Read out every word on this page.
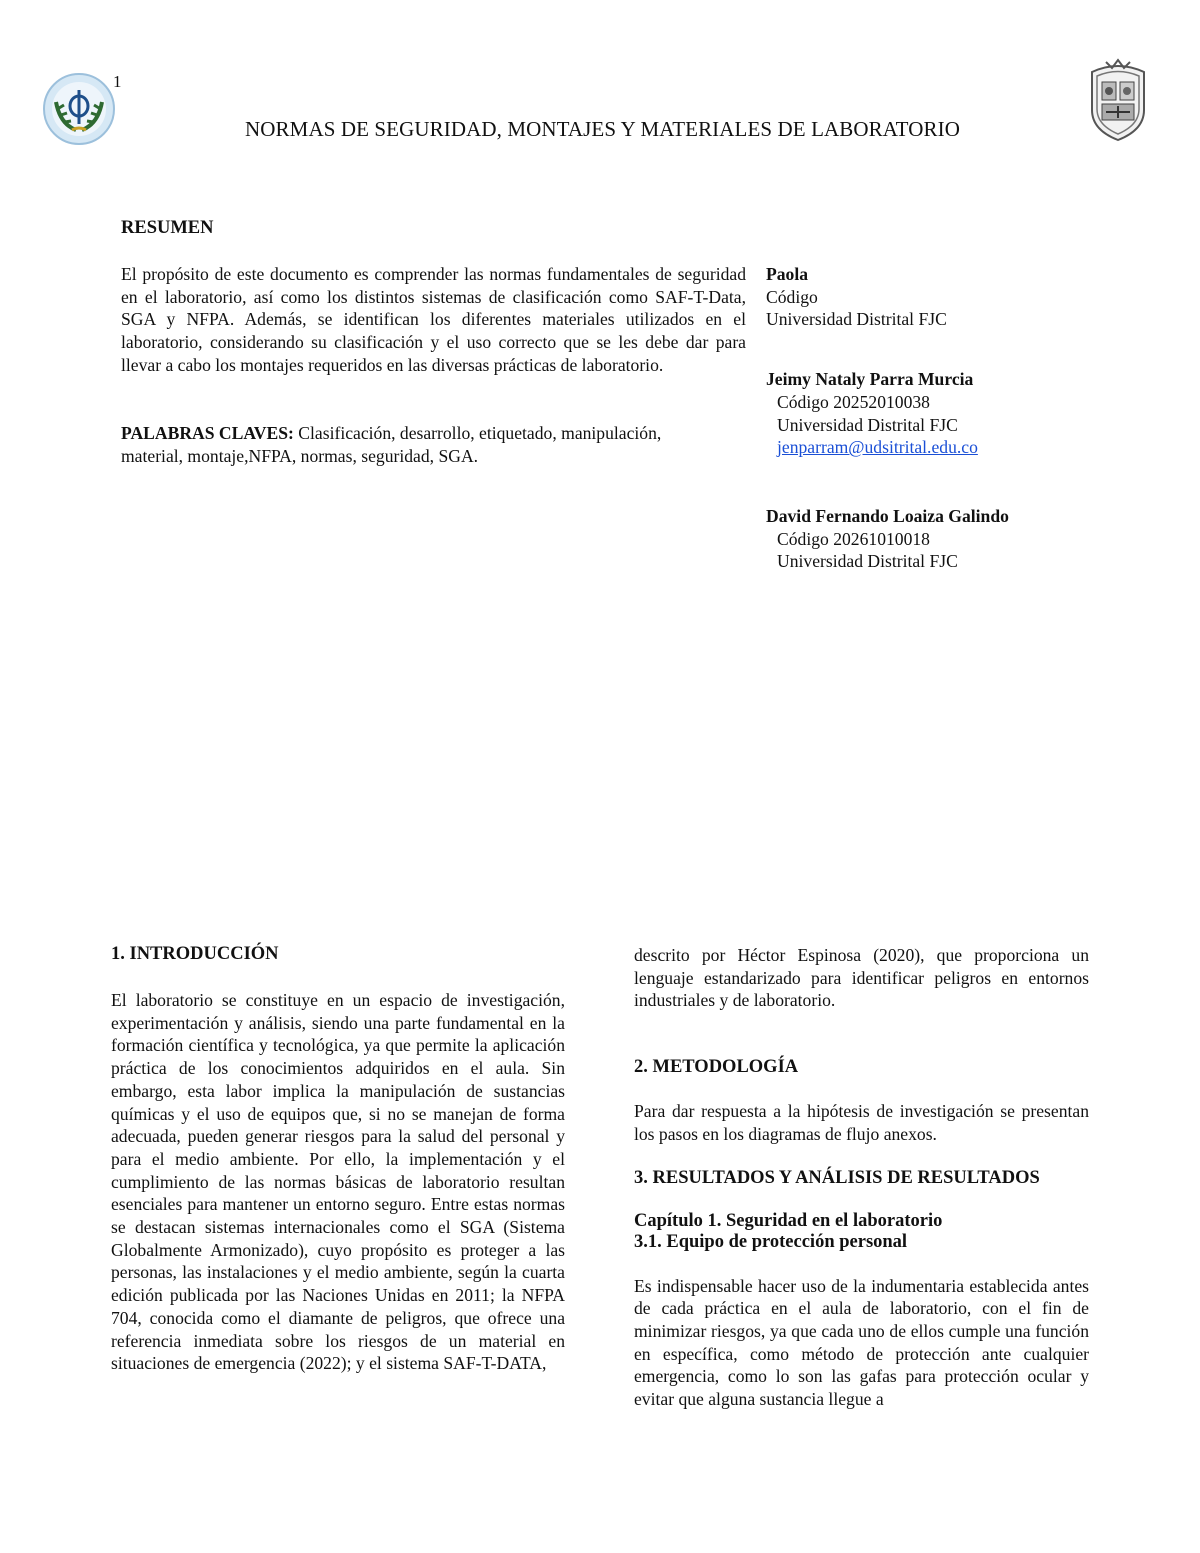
1
NORMAS DE SEGURIDAD, MONTAJES Y MATERIALES DE LABORATORIO
RESUMEN

El propósito de este documento es comprender las normas fundamentales de seguridad en el laboratorio, así como los distintos sistemas de clasificación como SAF-T-Data, SGA y NFPA. Además, se identifican los diferentes materiales utilizados en el laboratorio, considerando su clasificación y el uso correcto que se les debe dar para llevar a cabo los montajes requeridos en las diversas prácticas de laboratorio.

PALABRAS CLAVES: Clasificación, desarrollo, etiquetado, manipulación, material, montaje,NFPA, normas, seguridad, SGA.

Paola
Código
Universidad Distrital FJC
Jeimy Nataly Parra Murcia
Código 20252010038
Universidad Distrital FJC
jenparram@udsitrital.edu.co
David Fernando Loaiza Galindo
Código 20261010018
Universidad Distrital FJC
1. INTRODUCCIÓN

El laboratorio se constituye en un espacio de investigación, experimentación y análisis, siendo una parte fundamental en la formación científica y tecnológica, ya que permite la aplicación práctica de los conocimientos adquiridos en el aula. Sin embargo, esta labor implica la manipulación de sustancias químicas y el uso de equipos que, si no se manejan de forma adecuada, pueden generar riesgos para la salud del personal y para el medio ambiente. Por ello, la implementación y el cumplimiento de las normas básicas de laboratorio resultan esenciales para mantener un entorno seguro. Entre estas normas se destacan sistemas internacionales como el SGA (Sistema Globalmente Armonizado), cuyo propósito es proteger a las personas, las instalaciones y el medio ambiente, según la cuarta edición publicada por las Naciones Unidas en 2011; la NFPA 704, conocida como el diamante de peligros, que ofrece una referencia inmediata sobre los riesgos de un material en situaciones de emergencia (2022); y el sistema SAF-T-DATA,

descrito por Héctor Espinosa (2020), que proporciona un lenguaje estandarizado para identificar peligros en entornos industriales y de laboratorio.

2. METODOLOGÍA

Para dar respuesta a la hipótesis de investigación se presentan los pasos en los diagramas de flujo anexos.

3. RESULTADOS Y ANÁLISIS DE RESULTADOS
Capítulo 1. Seguridad en el laboratorio
3.1. Equipo de protección personal

Es indispensable hacer uso de la indumentaria establecida antes de cada práctica en el aula de laboratorio, con el fin de minimizar riesgos, ya que cada uno de ellos cumple una función en específica, como método de protección ante cualquier emergencia, como lo son las gafas para protección ocular y evitar que alguna sustancia llegue a
